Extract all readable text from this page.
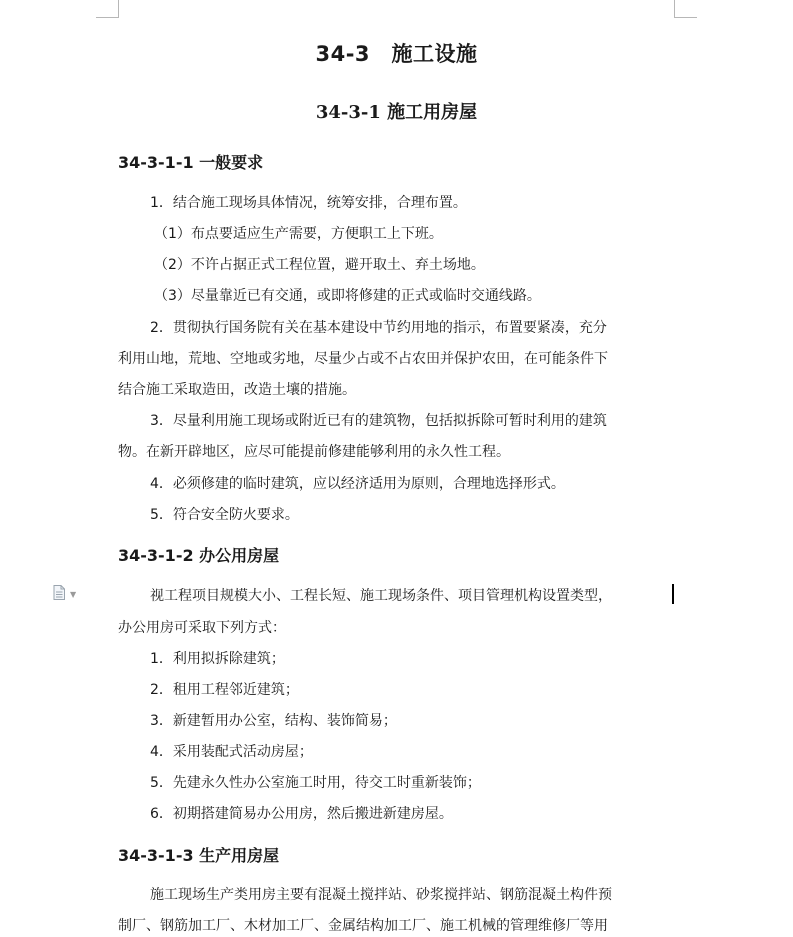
34-3　施工设施
34-3-1 施工用房屋
34-3-1-1 一般要求
1．结合施工现场具体情况，统筹安排，合理布置。
（1）布点要适应生产需要，方便职工上下班。
（2）不许占据正式工程位置，避开取土、弃土场地。
（3）尽量靠近已有交通，或即将修建的正式或临时交通线路。
2．贯彻执行国务院有关在基本建设中节约用地的指示，布置要紧凑，充分
利用山地，荒地、空地或劣地，尽量少占或不占农田并保护农田，在可能条件下
结合施工采取造田，改造土壤的措施。
3．尽量利用施工现场或附近已有的建筑物，包括拟拆除可暂时利用的建筑
物。在新开辟地区，应尽可能提前修建能够利用的永久性工程。
4．必须修建的临时建筑，应以经济适用为原则，合理地选择形式。
5．符合安全防火要求。
34-3-1-2 办公用房屋
▼	视工程项目规模大小、工程长短、施工现场条件、项目管理机构设置类型，
办公用房可采取下列方式：
1．利用拟拆除建筑；
2．租用工程邻近建筑；
3．新建暂用办公室，结构、装饰简易；
4．采用装配式活动房屋；
5．先建永久性办公室施工时用，待交工时重新装饰；
6．初期搭建简易办公用房，然后搬进新建房屋。
34-3-1-3 生产用房屋
施工现场生产类用房主要有混凝土搅拌站、砂浆搅拌站、钢筋混凝土构件预
制厂、钢筋加工厂、木材加工厂、金属结构加工厂、施工机械的管理维修厂等用
